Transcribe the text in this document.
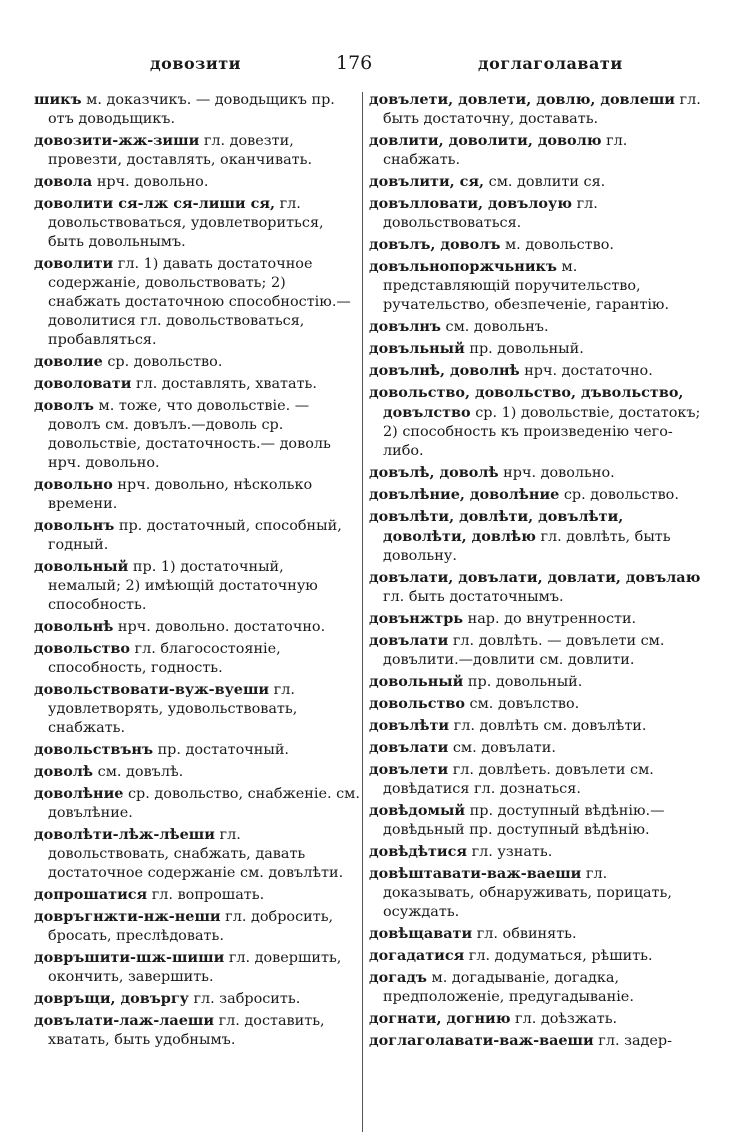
довозити	176	доглаголавати
шикъ м. доказчикъ. — доводьщикъ пр. отъ доводьщикъ.
довозити-жж-зиши гл. довезти, провезти, доставлять, оканчивать.
довола нрч. довольно.
доволити ся-лж ся-лиши ся, гл. довольствоваться, удовлетвориться, быть довольнымъ.
доволити гл. 1) давать достаточное содержаніе, довольствовать; 2) снабжать достаточною способностію.— доволитися гл. довольствоваться, пробавляться.
доволие ср. довольство.
доволовати гл. доставлять, хватать.
доволъ м. тоже, что довольствіе. — доволъ см. довълъ.—доволь ср. довольствіе, достаточность.— доволь нрч. довольно.
довольно нрч. довольно, нѣсколько времени.
довольнъ пр. достаточный, способный, годный.
довольный пр. 1) достаточный, немалый; 2) имѣющій достаточную способность.
довольнѣ нрч. довольно. достаточно.
довольство гл. благосостояніе, способность, годность.
довольствовати-вуж-вуеши гл. удовлетворять, удовольствовать, снабжать.
довольствънъ пр. достаточный.
доволѣ см. довълѣ.
доволѣние ср. довольство, снабженіе. см. довълѣние.
доволѣти-лѣж-лѣеши гл. довольствовать, снабжать, давать достаточное содержаніе см. довълѣти.
допрошатися гл. вопрошать.
довръгнжти-нж-неши гл. добросить, бросать, преслѣдовать.
довръшити-шж-шиши гл. довершить, окончить, завершить.
довръщи, довъргу гл. забросить.
довълати-лаж-лаеши гл. доставить, хватать, быть удобнымъ.
довълети, довлети, довлю, довлеши гл. быть достаточну, доставать.
довлити, доволити, доволю гл. снабжать.
довълити, ся, см. довлити ся.
довълловати, довълоую гл. довольствоваться.
довълъ, доволъ м. довольство.
довъльнопоржчьникъ м. представляющій поручительство, ручательство, обезпеченіе, гарантію.
довълнъ см. довольнъ.
довъльный пр. довольный.
довълнѣ, доволнѣ нрч. достаточно.
довольство, довольство, дъвольство, довълство ср. 1) довольствіе, достатокъ; 2) способность къ произведенію чего-либо.
довълѣ, доволѣ нрч. довольно.
довълѣние, доволѣние ср. довольство.
довълѣти, довлѣти, довълѣти, доволѣти, довлѣю гл. довлѣть, быть довольну.
довълати, довълати, довлати, довълаю гл. быть достаточнымъ.
довънжтрь нар. до внутренности.
довълати гл. довлѣть. — довълети см. довълити.—довлити см. довлити.
довольный пр. довольный.
довольство см. довълство.
довълѣти гл. довлѣть см. довълѣти.
довълати см. довълати.
довълети гл. довлѣеть. довълети см. довѣдатися гл. дознаться.
довѣдомый пр. доступный вѣдѣнію.— довѣдьный пр. доступный вѣдѣнію.
довѣдѣтися гл. узнать.
довѣштавати-важ-ваеши гл. доказывать, обнаруживать, порицать, осуждать.
довѣщавати гл. обвинять.
догадатися гл. додуматься, рѣшить.
догадъ м. догадываніе, догадка, предположеніе, предугадываніе.
догнати, догнию гл. доѣзжать.
доглаголавати-важ-ваеши гл. задер-
